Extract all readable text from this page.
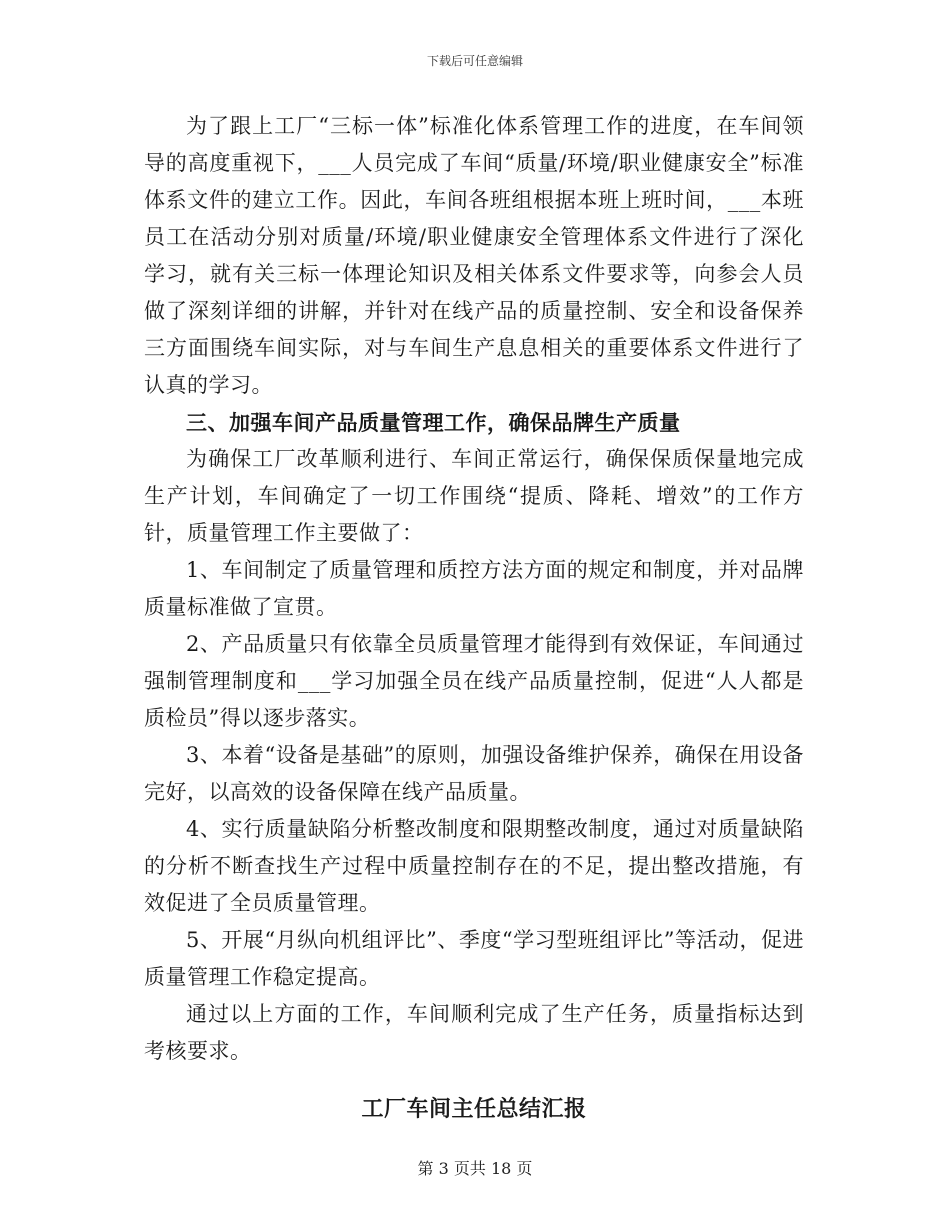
下载后可任意编辑

为了跟上工厂“三标一体”标准化体系管理工作的进度，在车间领导的高度重视下，___人员完成了车间“质量/环境/职业健康安全”标准体系文件的建立工作。因此，车间各班组根据本班上班时间，___本班员工在活动分别对质量/环境/职业健康安全管理体系文件进行了深化学习，就有关三标一体理论知识及相关体系文件要求等，向参会人员做了深刻详细的讲解，并针对在线产品的质量控制、安全和设备保养三方面围绕车间实际，对与车间生产息息相关的重要体系文件进行了认真的学习。

三、加强车间产品质量管理工作，确保品牌生产质量

为确保工厂改革顺利进行、车间正常运行，确保保质保量地完成生产计划，车间确定了一切工作围绕“提质、降耗、增效”的工作方针，质量管理工作主要做了：

1、车间制定了质量管理和质控方法方面的规定和制度，并对品牌质量标准做了宣贯。

2、产品质量只有依靠全员质量管理才能得到有效保证，车间通过强制管理制度和___学习加强全员在线产品质量控制，促进“人人都是质检员”得以逐步落实。

3、本着“设备是基础”的原则，加强设备维护保养，确保在用设备完好，以高效的设备保障在线产品质量。

4、实行质量缺陷分析整改制度和限期整改制度，通过对质量缺陷的分析不断查找生产过程中质量控制存在的不足，提出整改措施，有效促进了全员质量管理。

5、开展“月纵向机组评比”、季度“学习型班组评比”等活动，促进质量管理工作稳定提高。

通过以上方面的工作，车间顺利完成了生产任务，质量指标达到考核要求。

工厂车间主任总结汇报
第 3 页共 18 页
